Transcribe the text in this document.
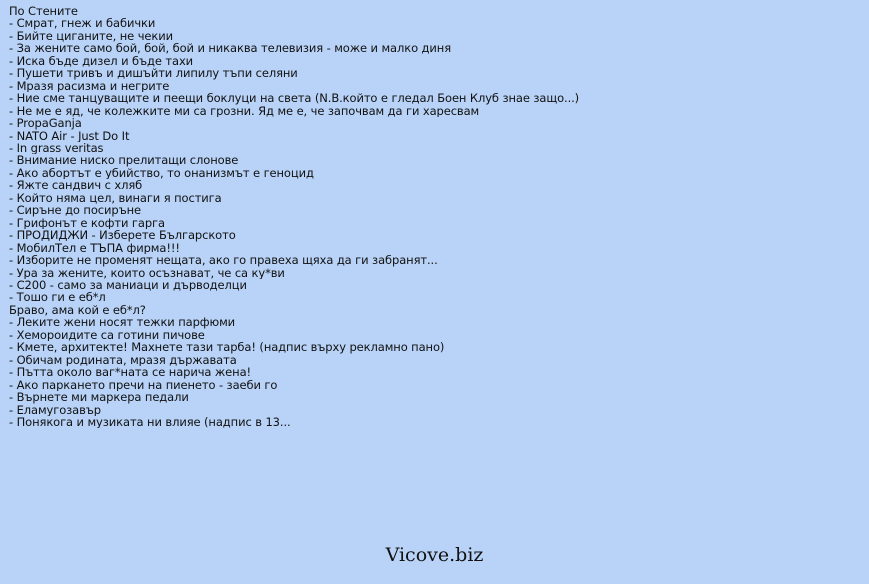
По Стените
- Смрат, гнеж и бабички
- Бийте циганите, не чекии
- За жените само бой, бой, бой и никаква телевизия - може и малко диня
- Иска бъде дизел и бъде тахи
- Пушети тривъ и дишъйти липилу тъпи селяни
- Мразя расизма и негрите
- Ние сме танцуващите и пеещи боклуци на света (N.B.който е гледал Боен Клуб знае защо...)
- Не ме е яд, че колежките ми са грозни. Яд ме е, че започвам да ги харесвам
- PropaGanja
- NATO Air - Just Do It
- In grass veritas
- Внимание ниско прелитащи слонове
- Ако абортът е убийство, то онанизмът е геноцид
- Яжте сандвич с хляб
- Който няма цел, винаги я постига
- Сиръне до посиръне
- Грифонът е кофти гарга
- ПРОДИДЖИ - Изберете Българското
- МобилТел е ТЪПА фирма!!!
- Изборите не променят нещата, ако го правеха щяха да ги забранят...
- Ура за жените, които осъзнават, че са ку*ви
- C200 - само за маниаци и дърводелци
- Тошо ги е еб*л
Браво, ама кой е еб*л?
- Леките жени носят тежки парфюми
- Хемороидите са готини пичове
- Кмете, архитекте! Махнете тази тарба! (надпис върху рекламно пано)
- Обичам родината, мразя държавата
- Пътта около ваг*ната се нарича жена!
- Ако паркането пречи на пиенето - заеби го
- Върнете ми маркера педали
- Еламугозавър
- Понякога и музиката ни влияе (надпис в 13...
Vicove.biz
